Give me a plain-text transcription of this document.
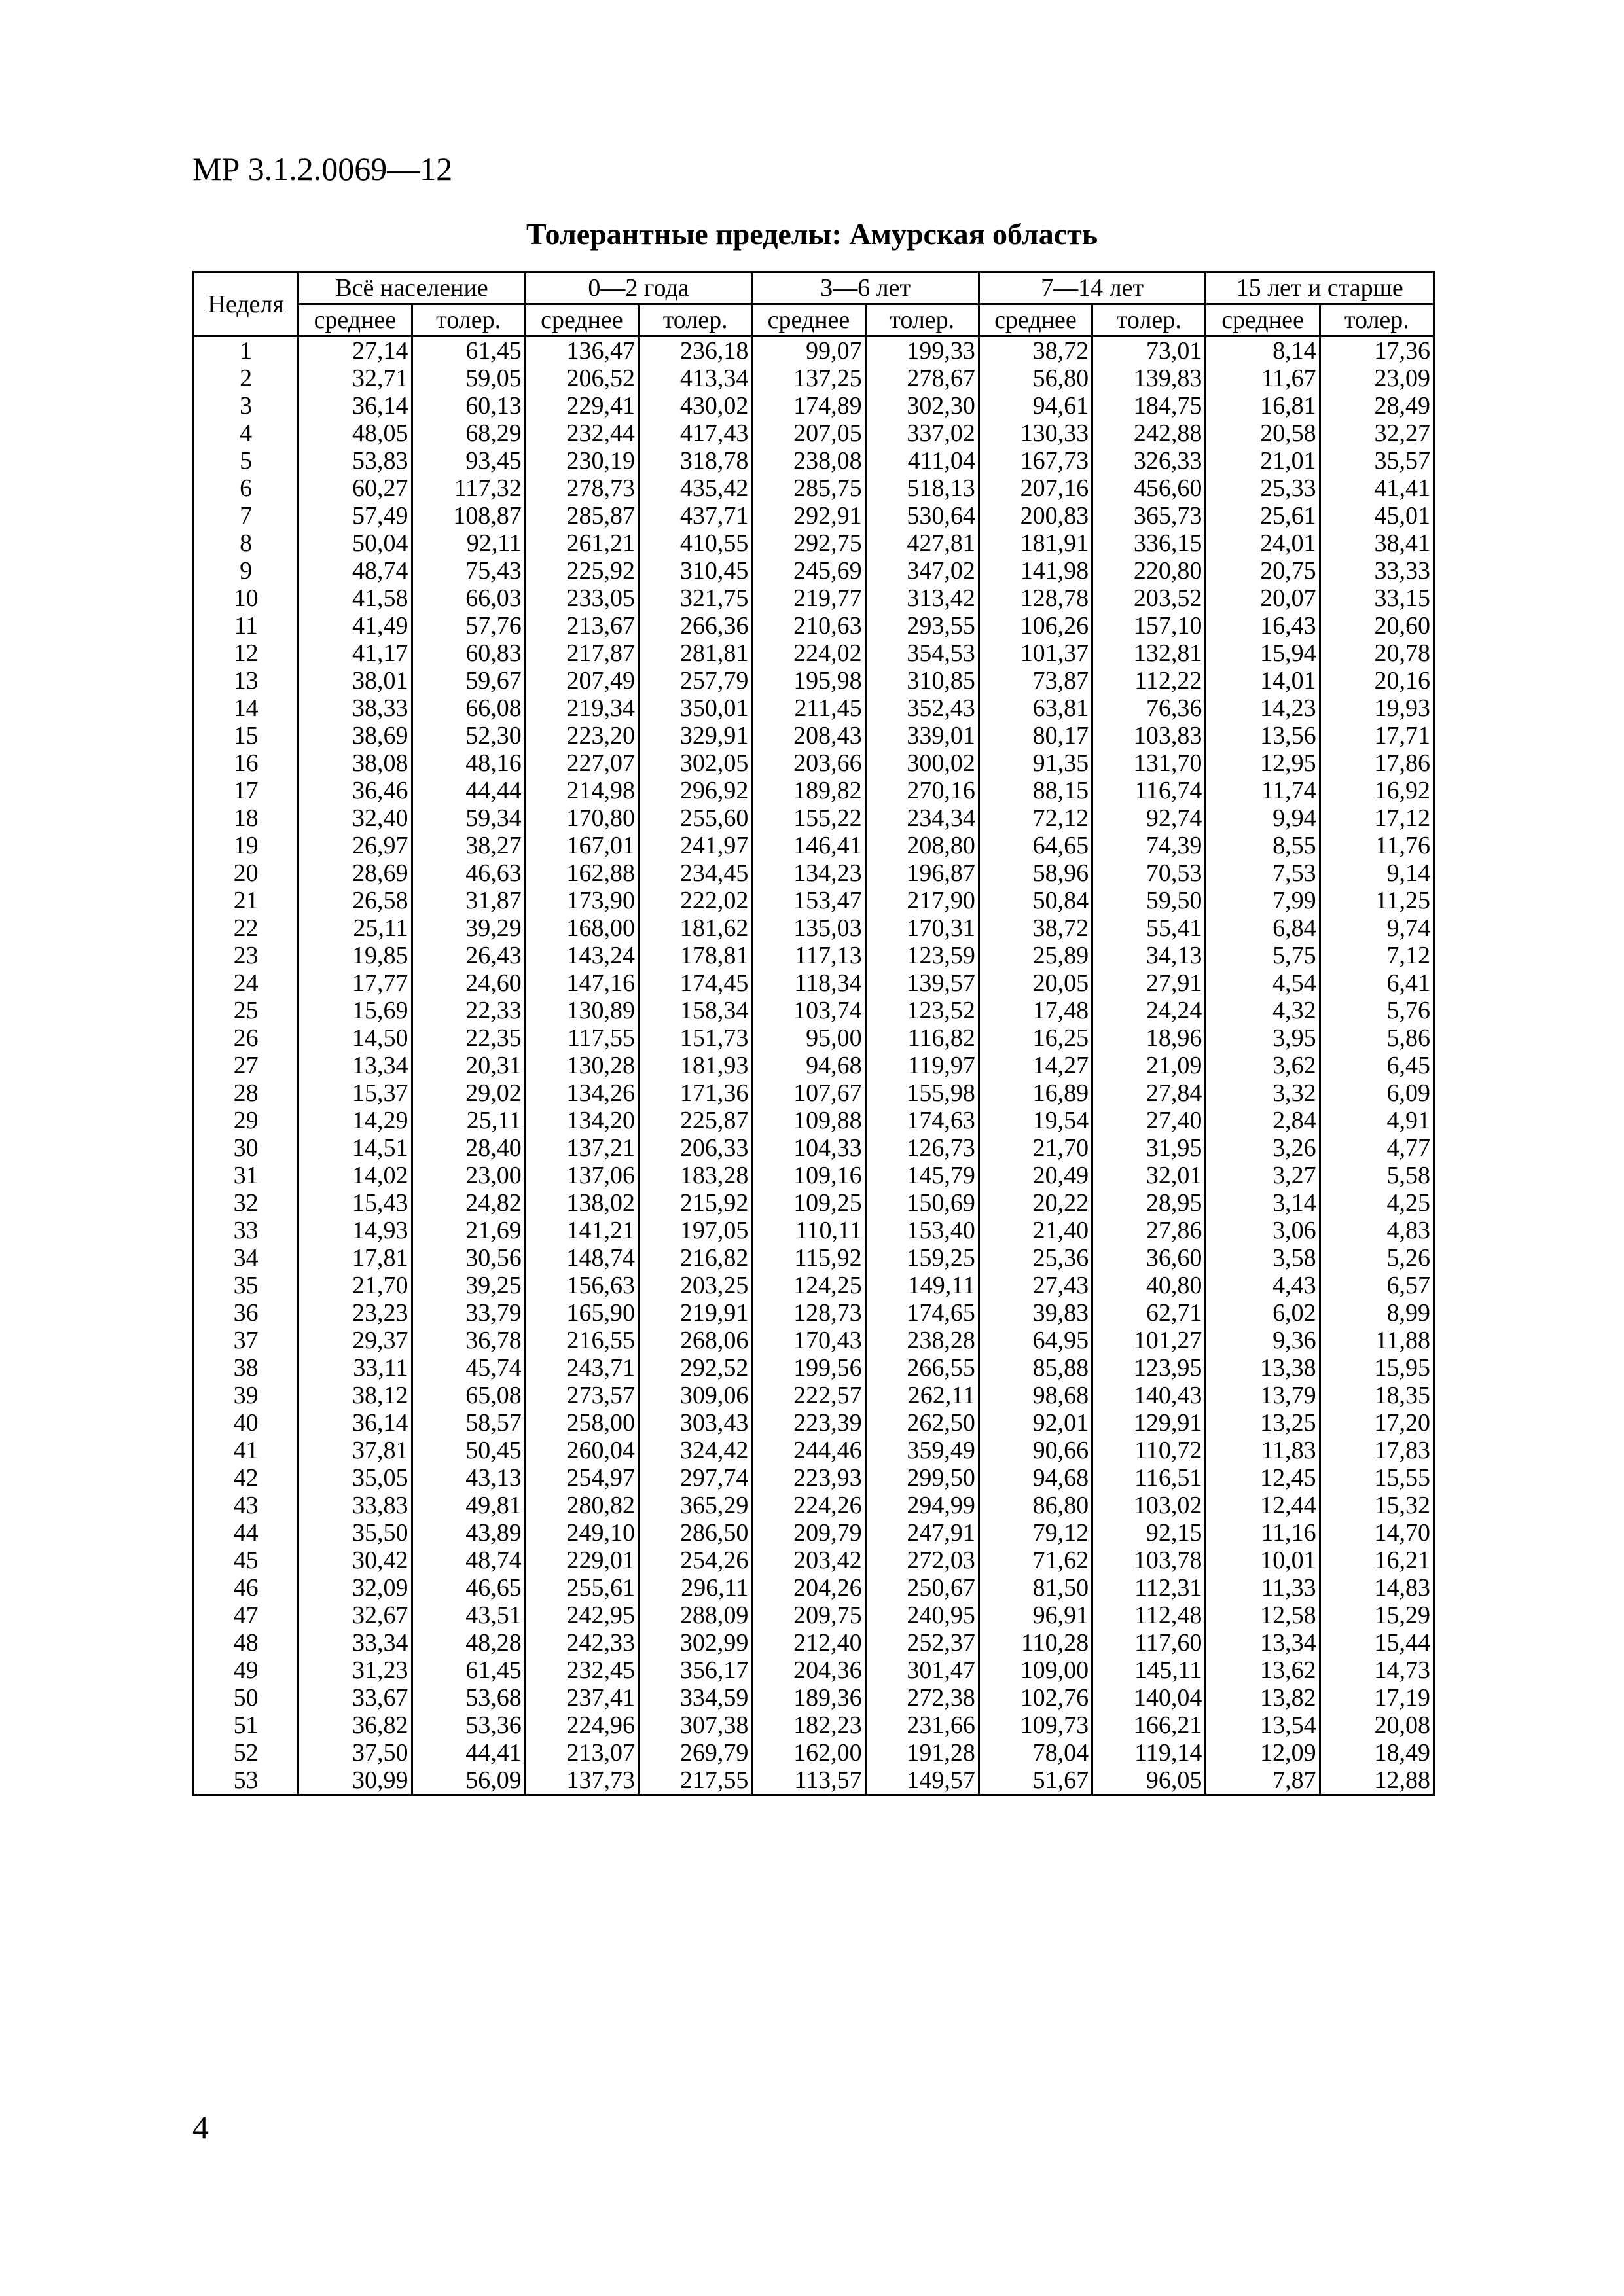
МР 3.1.2.0069—12
Толерантные пределы: Амурская область
Неделя	Всё население		0—2 года		3—6 лет		7—14 лет		15 лет и старше	
	среднее	толер.	среднее	толер.	среднее	толер.	среднее	толер.	среднее	толер.
1	27,14	61,45	136,47	236,18	99,07	199,33	38,72	73,01	8,14	17,36
2	32,71	59,05	206,52	413,34	137,25	278,67	56,80	139,83	11,67	23,09
3	36,14	60,13	229,41	430,02	174,89	302,30	94,61	184,75	16,81	28,49
4	48,05	68,29	232,44	417,43	207,05	337,02	130,33	242,88	20,58	32,27
5	53,83	93,45	230,19	318,78	238,08	411,04	167,73	326,33	21,01	35,57
6	60,27	117,32	278,73	435,42	285,75	518,13	207,16	456,60	25,33	41,41
7	57,49	108,87	285,87	437,71	292,91	530,64	200,83	365,73	25,61	45,01
8	50,04	92,11	261,21	410,55	292,75	427,81	181,91	336,15	24,01	38,41
9	48,74	75,43	225,92	310,45	245,69	347,02	141,98	220,80	20,75	33,33
10	41,58	66,03	233,05	321,75	219,77	313,42	128,78	203,52	20,07	33,15
11	41,49	57,76	213,67	266,36	210,63	293,55	106,26	157,10	16,43	20,60
12	41,17	60,83	217,87	281,81	224,02	354,53	101,37	132,81	15,94	20,78
13	38,01	59,67	207,49	257,79	195,98	310,85	73,87	112,22	14,01	20,16
14	38,33	66,08	219,34	350,01	211,45	352,43	63,81	76,36	14,23	19,93
15	38,69	52,30	223,20	329,91	208,43	339,01	80,17	103,83	13,56	17,71
16	38,08	48,16	227,07	302,05	203,66	300,02	91,35	131,70	12,95	17,86
17	36,46	44,44	214,98	296,92	189,82	270,16	88,15	116,74	11,74	16,92
18	32,40	59,34	170,80	255,60	155,22	234,34	72,12	92,74	9,94	17,12
19	26,97	38,27	167,01	241,97	146,41	208,80	64,65	74,39	8,55	11,76
20	28,69	46,63	162,88	234,45	134,23	196,87	58,96	70,53	7,53	9,14
21	26,58	31,87	173,90	222,02	153,47	217,90	50,84	59,50	7,99	11,25
22	25,11	39,29	168,00	181,62	135,03	170,31	38,72	55,41	6,84	9,74
23	19,85	26,43	143,24	178,81	117,13	123,59	25,89	34,13	5,75	7,12
24	17,77	24,60	147,16	174,45	118,34	139,57	20,05	27,91	4,54	6,41
25	15,69	22,33	130,89	158,34	103,74	123,52	17,48	24,24	4,32	5,76
26	14,50	22,35	117,55	151,73	95,00	116,82	16,25	18,96	3,95	5,86
27	13,34	20,31	130,28	181,93	94,68	119,97	14,27	21,09	3,62	6,45
28	15,37	29,02	134,26	171,36	107,67	155,98	16,89	27,84	3,32	6,09
29	14,29	25,11	134,20	225,87	109,88	174,63	19,54	27,40	2,84	4,91
30	14,51	28,40	137,21	206,33	104,33	126,73	21,70	31,95	3,26	4,77
31	14,02	23,00	137,06	183,28	109,16	145,79	20,49	32,01	3,27	5,58
32	15,43	24,82	138,02	215,92	109,25	150,69	20,22	28,95	3,14	4,25
33	14,93	21,69	141,21	197,05	110,11	153,40	21,40	27,86	3,06	4,83
34	17,81	30,56	148,74	216,82	115,92	159,25	25,36	36,60	3,58	5,26
35	21,70	39,25	156,63	203,25	124,25	149,11	27,43	40,80	4,43	6,57
36	23,23	33,79	165,90	219,91	128,73	174,65	39,83	62,71	6,02	8,99
37	29,37	36,78	216,55	268,06	170,43	238,28	64,95	101,27	9,36	11,88
38	33,11	45,74	243,71	292,52	199,56	266,55	85,88	123,95	13,38	15,95
39	38,12	65,08	273,57	309,06	222,57	262,11	98,68	140,43	13,79	18,35
40	36,14	58,57	258,00	303,43	223,39	262,50	92,01	129,91	13,25	17,20
41	37,81	50,45	260,04	324,42	244,46	359,49	90,66	110,72	11,83	17,83
42	35,05	43,13	254,97	297,74	223,93	299,50	94,68	116,51	12,45	15,55
43	33,83	49,81	280,82	365,29	224,26	294,99	86,80	103,02	12,44	15,32
44	35,50	43,89	249,10	286,50	209,79	247,91	79,12	92,15	11,16	14,70
45	30,42	48,74	229,01	254,26	203,42	272,03	71,62	103,78	10,01	16,21
46	32,09	46,65	255,61	296,11	204,26	250,67	81,50	112,31	11,33	14,83
47	32,67	43,51	242,95	288,09	209,75	240,95	96,91	112,48	12,58	15,29
48	33,34	48,28	242,33	302,99	212,40	252,37	110,28	117,60	13,34	15,44
49	31,23	61,45	232,45	356,17	204,36	301,47	109,00	145,11	13,62	14,73
50	33,67	53,68	237,41	334,59	189,36	272,38	102,76	140,04	13,82	17,19
51	36,82	53,36	224,96	307,38	182,23	231,66	109,73	166,21	13,54	20,08
52	37,50	44,41	213,07	269,79	162,00	191,28	78,04	119,14	12,09	18,49
53	30,99	56,09	137,73	217,55	113,57	149,57	51,67	96,05	7,87	12,88
4
